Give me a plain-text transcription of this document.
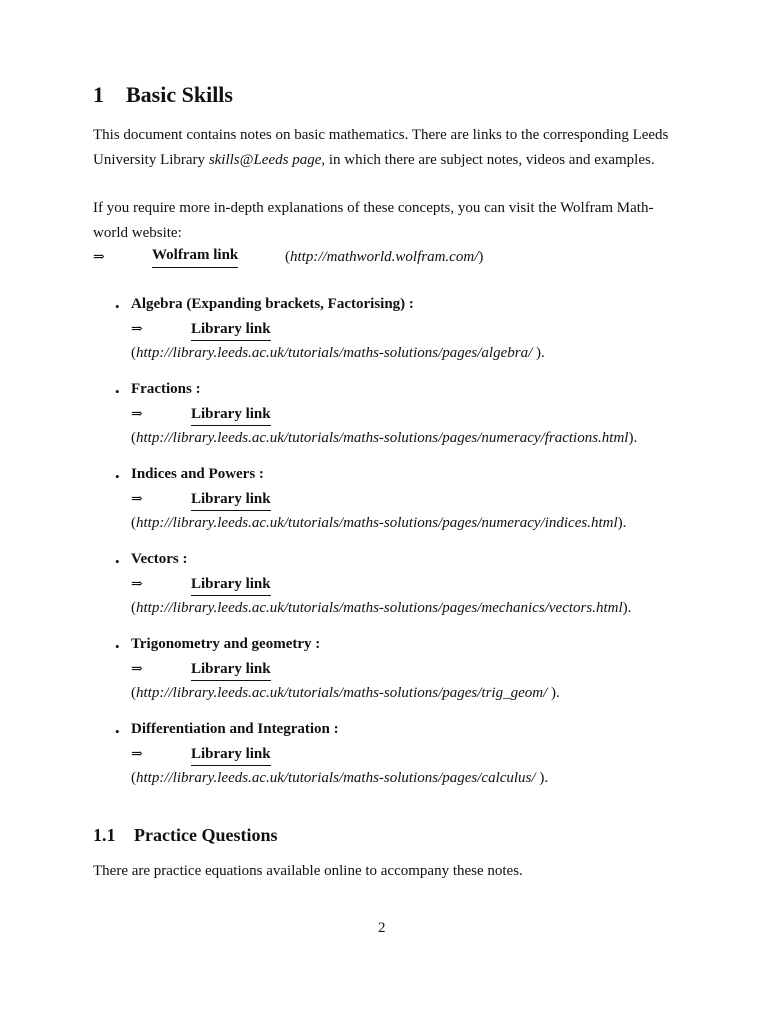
1 Basic Skills
This document contains notes on basic mathematics. There are links to the corresponding Leeds
University Library skills@Leeds page, in which there are subject notes, videos and examples.
If you require more in-depth explanations of these concepts, you can visit the Wolfram Math-
world website:
⇒	Wolfram link	(http://mathworld.wolfram.com/)
• Algebra (Expanding brackets, Factorising) :
⇒	Library link
(http://library.leeds.ac.uk/tutorials/maths-solutions/pages/algebra/ ).
• Fractions :
⇒	Library link
(http://library.leeds.ac.uk/tutorials/maths-solutions/pages/numeracy/fractions.html).
• Indices and Powers :
⇒	Library link
(http://library.leeds.ac.uk/tutorials/maths-solutions/pages/numeracy/indices.html).
• Vectors :
⇒	Library link
(http://library.leeds.ac.uk/tutorials/maths-solutions/pages/mechanics/vectors.html).
• Trigonometry and geometry :
⇒	Library link
(http://library.leeds.ac.uk/tutorials/maths-solutions/pages/trig_geom/ ).
• Differentiation and Integration :
⇒	Library link
(http://library.leeds.ac.uk/tutorials/maths-solutions/pages/calculus/ ).
1.1 Practice Questions
There are practice equations available online to accompany these notes.
2
